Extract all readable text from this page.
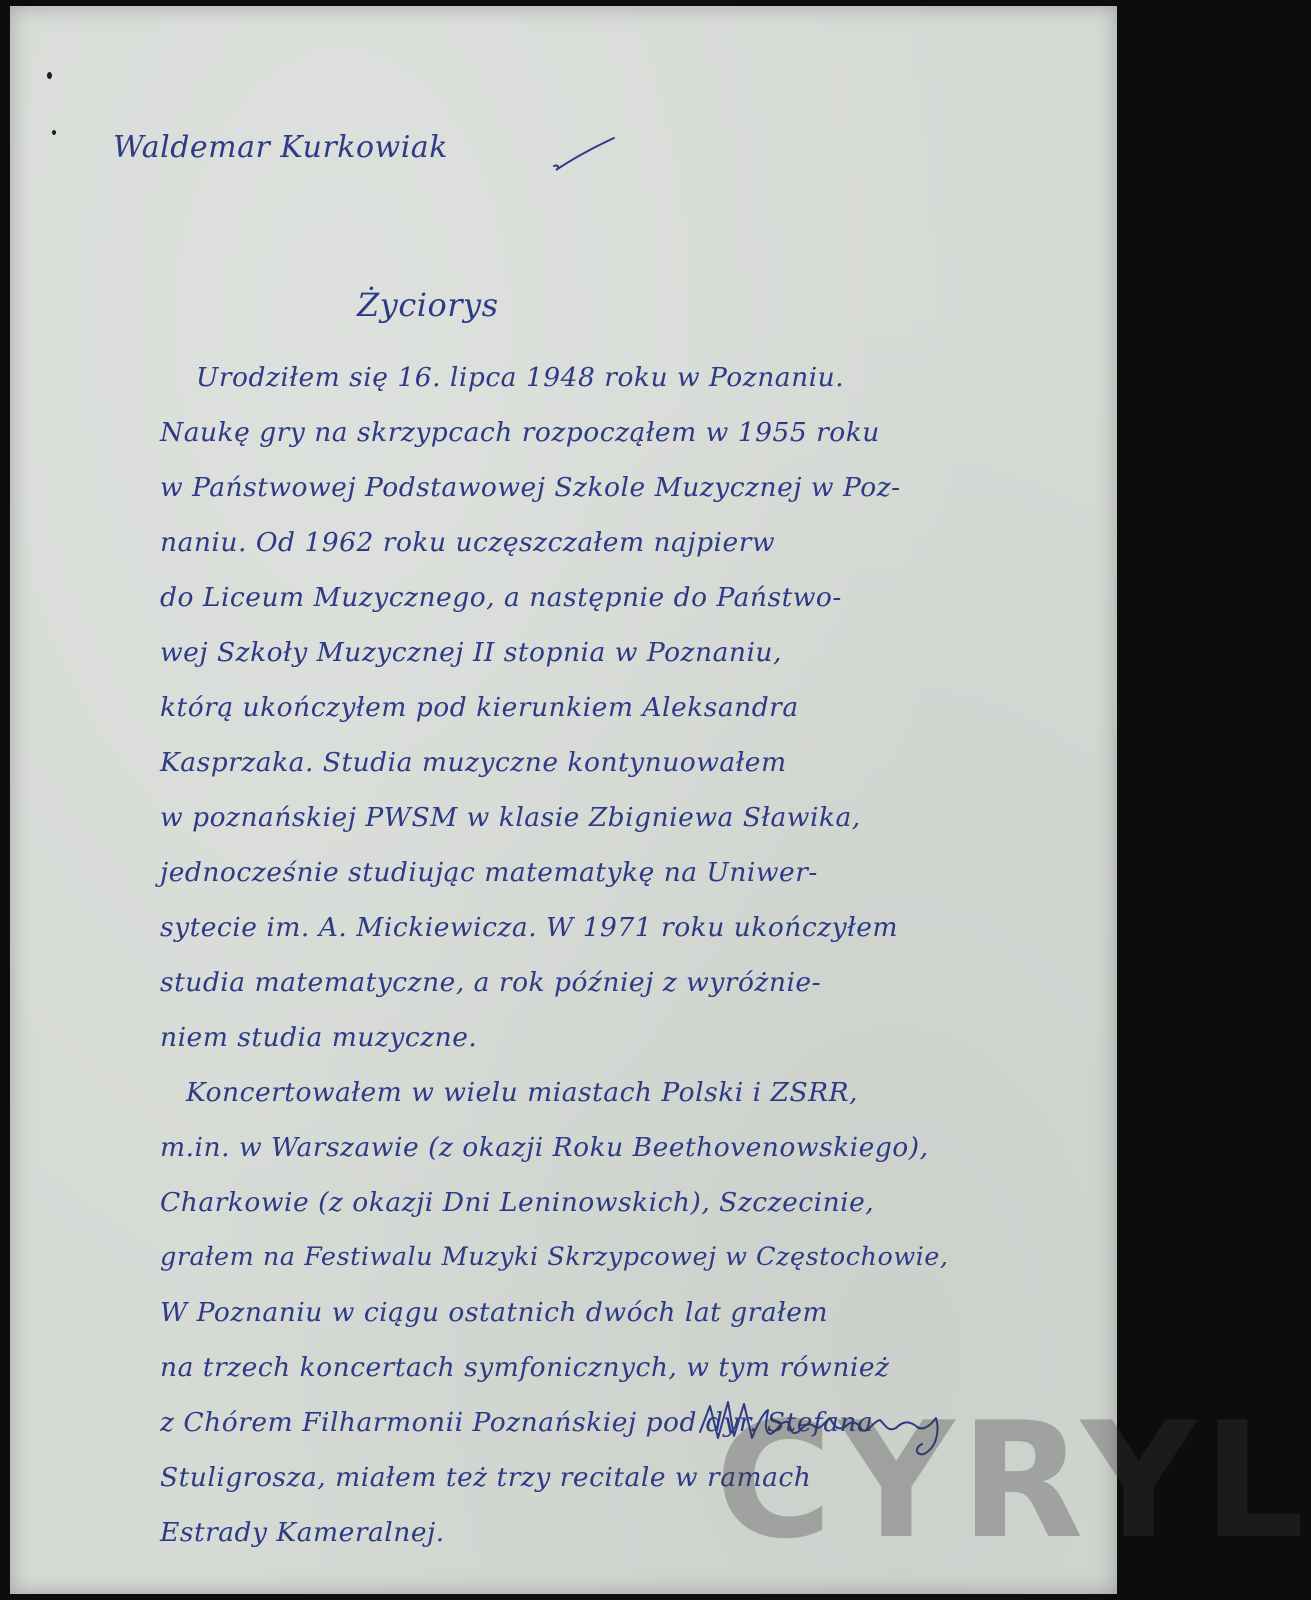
Waldemar Kurkowiak
Życiorys
Urodziłem się 16. lipca 1948 roku w Poznaniu.
Naukę gry na skrzypcach rozpocząłem w 1955 roku
w Państwowej Podstawowej Szkole Muzycznej w Poz-
naniu. Od 1962 roku uczęszczałem najpierw
do Liceum Muzycznego, a następnie do Państwo-
wej Szkoły Muzycznej II stopnia w Poznaniu,
którą ukończyłem pod kierunkiem Aleksandra
Kasprzaka. Studia muzyczne kontynuowałem
w poznańskiej PWSM w klasie Zbigniewa Sławika,
jednocześnie studiując matematykę na Uniwer-
sytecie im. A. Mickiewicza. W 1971 roku ukończyłem
studia matematyczne, a rok później z wyróżnie-
niem studia muzyczne.
Koncertowałem w wielu miastach Polski i ZSRR,
m.in. w Warszawie (z okazji Roku Beethovenowskiego),
Charkowie (z okazji Dni Leninowskich), Szczecinie,
grałem na Festiwalu Muzyki Skrzypcowej w Częstochowie,
W Poznaniu w ciągu ostatnich dwóch lat grałem
na trzech koncertach symfonicznych, w tym również
z Chórem Filharmonii Poznańskiej pod dyr. Stefana
Stuligrosza, miałem też trzy recitale w ramach
Estrady Kameralnej. CYRYL
